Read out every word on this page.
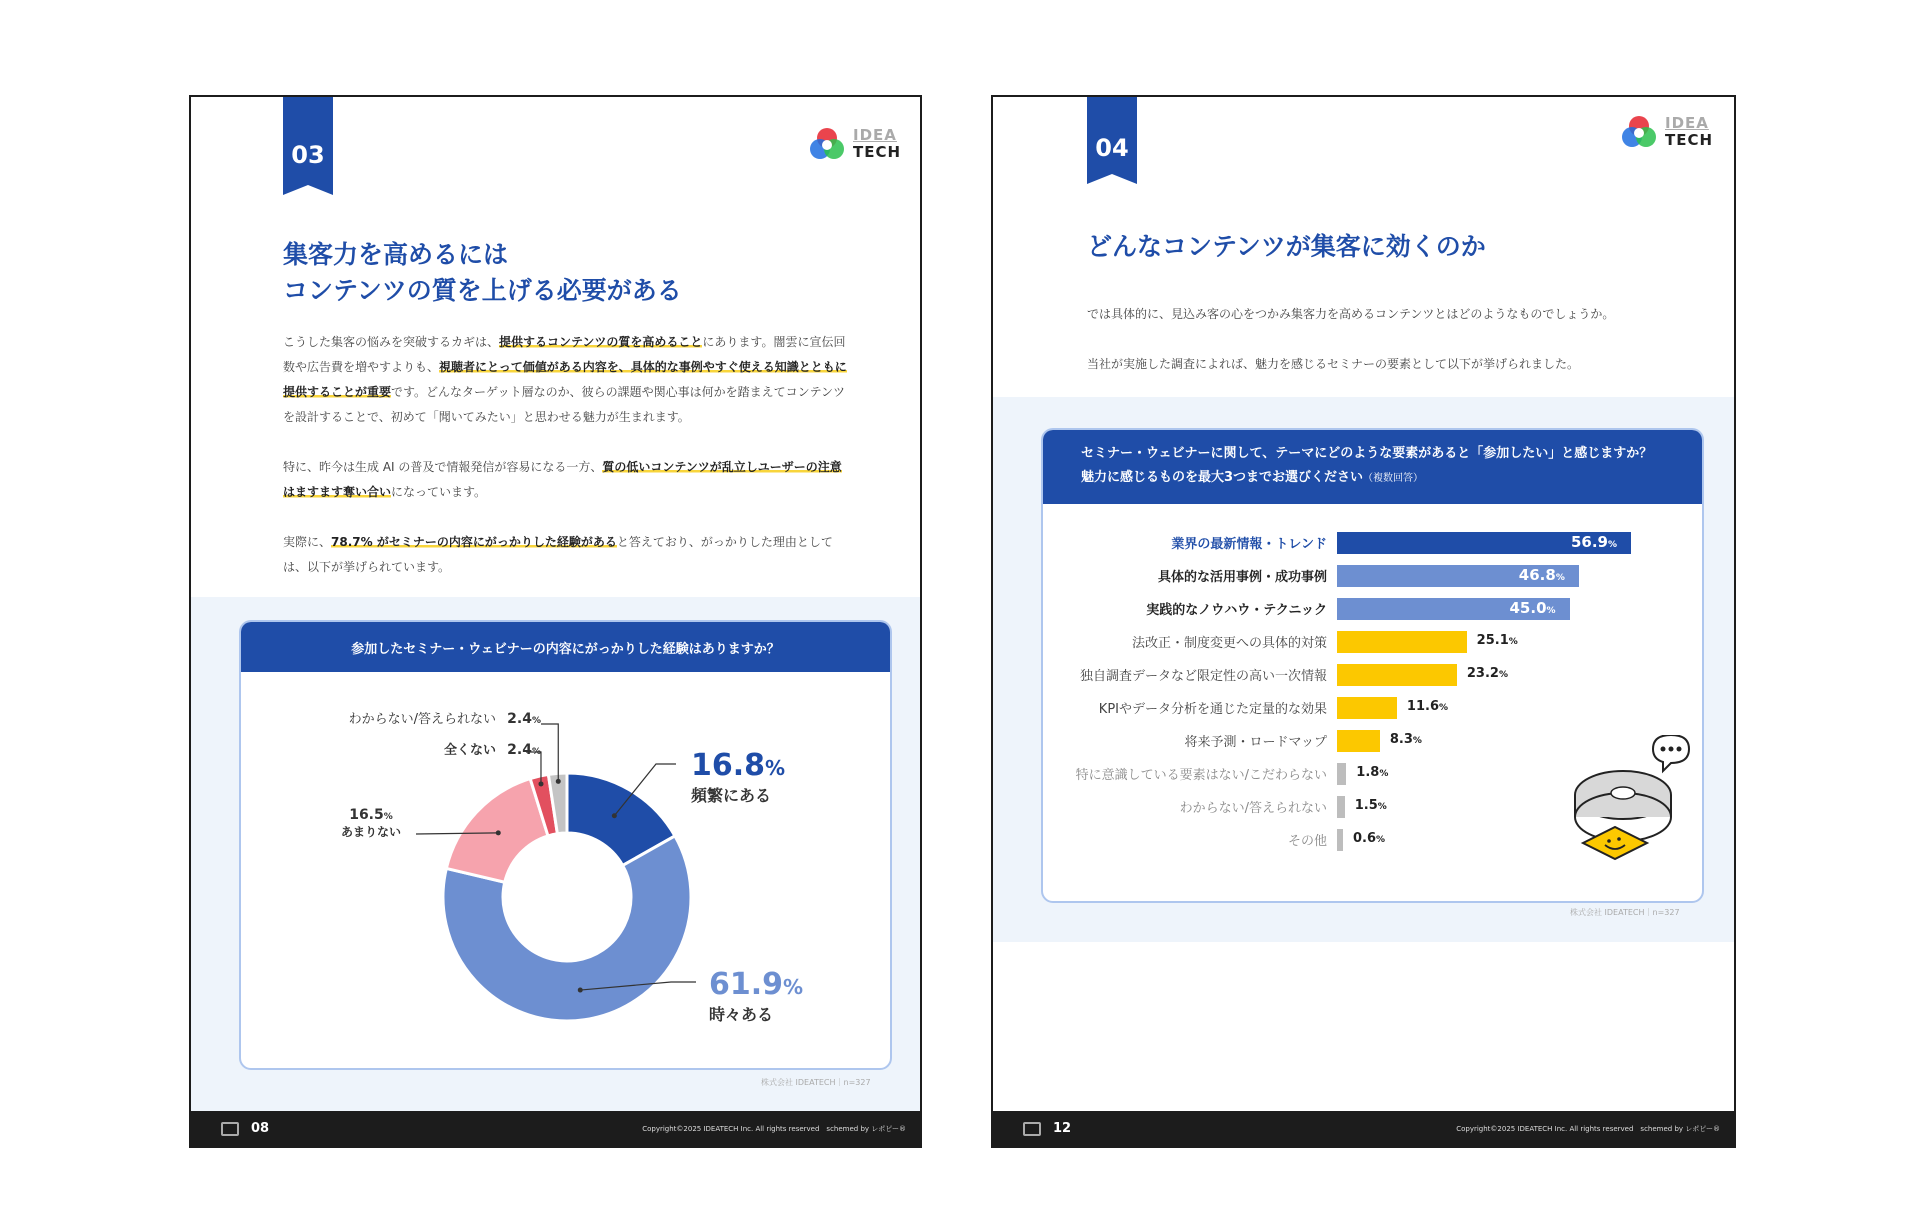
03
IDEA
TECH
集客力を高めるには
コンテンツの質を上げる必要がある
こうした集客の悩みを突破するカギは、提供するコンテンツの質を高めることにあります。闇雲に宣伝回数や広告費を増やすよりも、視聴者にとって価値がある内容を、具体的な事例やすぐ使える知識とともに提供することが重要です。どんなターゲット層なのか、彼らの課題や関心事は何かを踏まえてコンテンツを設計することで、初めて「聞いてみたい」と思わせる魅力が生まれます。
特に、昨今は生成 AI の普及で情報発信が容易になる一方、質の低いコンテンツが乱立しユーザーの注意はますます奪い合いになっています。
実際に、78.7% がセミナーの内容にがっかりした経験があると答えており、がっかりした理由としては、以下が挙げられています。
参加したセミナー・ウェビナーの内容にがっかりした経験はありますか？
16.8%
頻繁にある
61.9%
時々ある
16.5%
あまりない
全くない 2.4%
わからない/答えられない 2.4%
株式会社 IDEATECH｜n=327
08	Copyright©2025 IDEATECH Inc. All rights reserved　schemed by レポピー®
04
IDEA
TECH
どんなコンテンツが集客に効くのか
では具体的に、見込み客の心をつかみ集客力を高めるコンテンツとはどのようなものでしょうか。
当社が実施した調査によれば、魅力を感じるセミナーの要素として以下が挙げられました。
セミナー・ウェビナーに関して、テーマにどのような要素があると「参加したい」と感じますか？
魅力に感じるものを最大3つまでお選びください（複数回答）
業界の最新情報・トレンド	56.9%
具体的な活用事例・成功事例	46.8%
実践的なノウハウ・テクニック	45.0%
法改正・制度変更への具体的対策	25.1%
独自調査データなど限定性の高い一次情報	23.2%
KPIやデータ分析を通じた定量的な効果	11.6%
将来予測・ロードマップ	8.3%
特に意識している要素はない/こだわらない 1.8%
わからない/答えられない 1.5%
その他 0.6%
株式会社 IDEATECH｜n=327
12	Copyright©2025 IDEATECH Inc. All rights reserved　schemed by レポピー®
